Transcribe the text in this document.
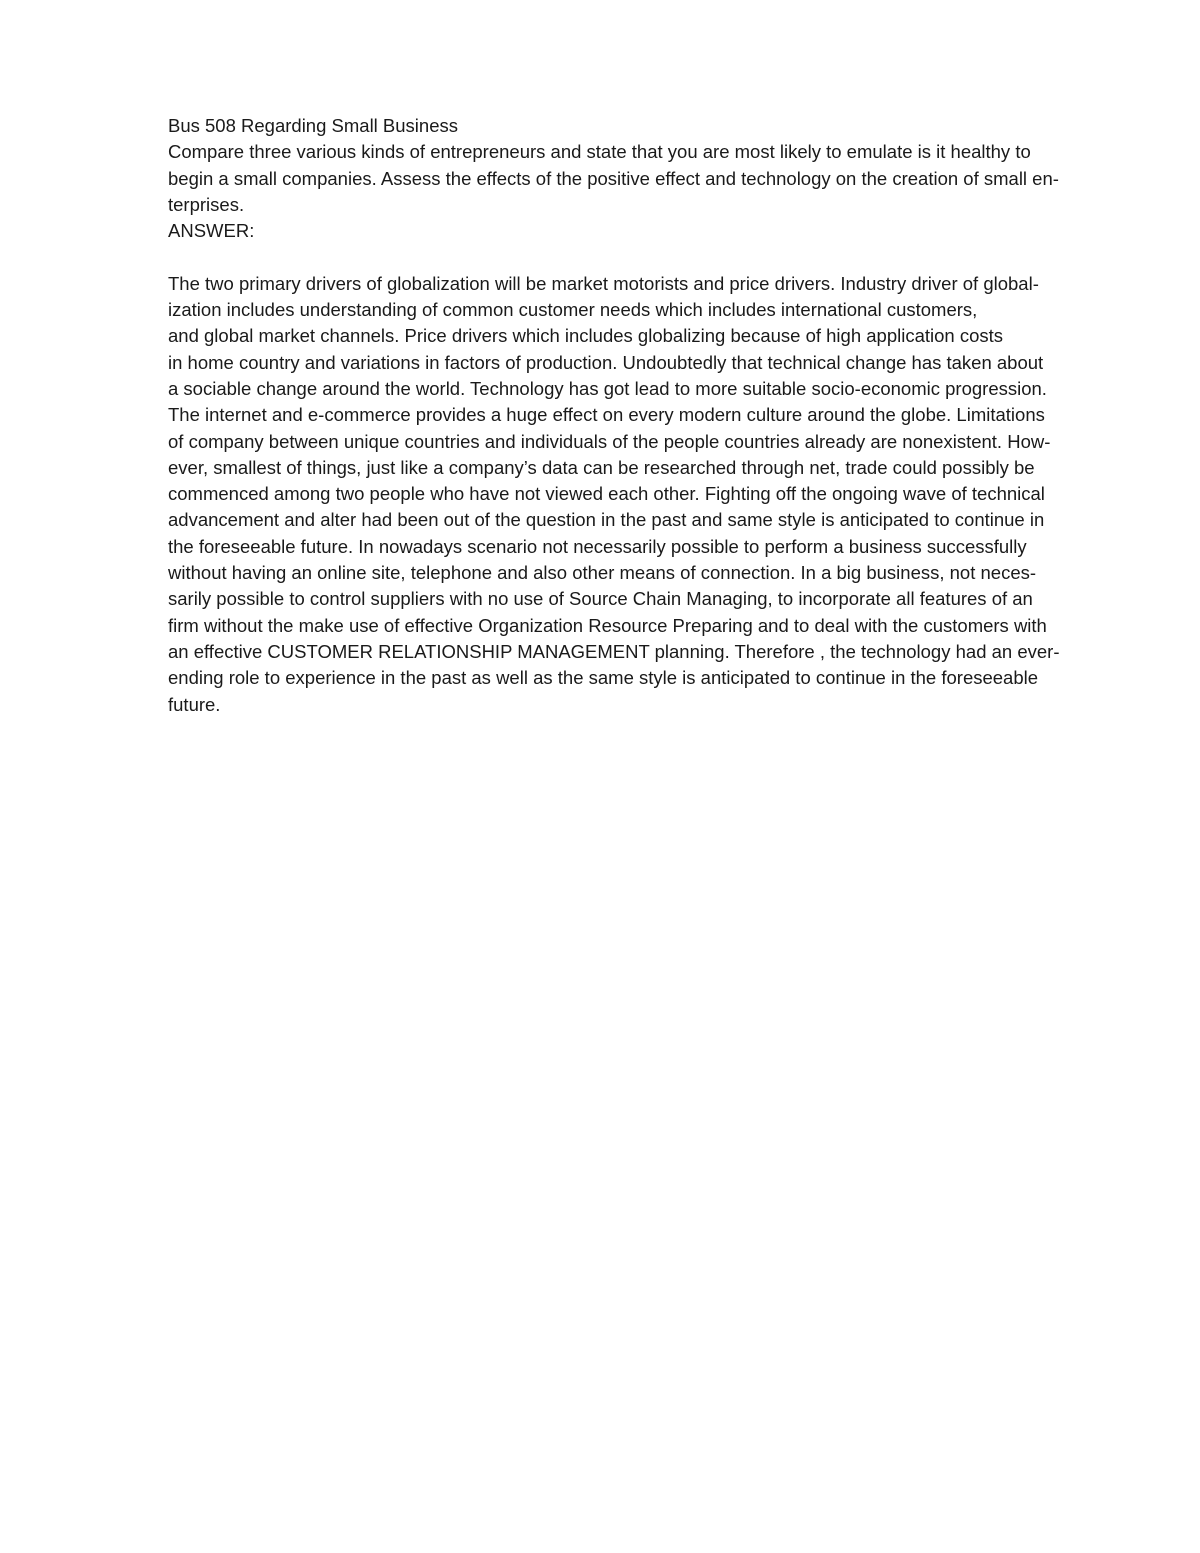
Bus 508 Regarding Small Business
Compare three various kinds of entrepreneurs and state that you are most likely to emulate is it healthy to
begin a small companies. Assess the effects of the positive effect and technology on the creation of small en-
terprises.
ANSWER:
The two primary drivers of globalization will be market motorists and price drivers. Industry driver of global-
ization includes understanding of common customer needs which includes international customers,
and global market channels. Price drivers which includes globalizing because of high application costs
in home country and variations in factors of production. Undoubtedly that technical change has taken about
a sociable change around the world. Technology has got lead to more suitable socio-economic progression.
The internet and e-commerce provides a huge effect on every modern culture around the globe. Limitations
of company between unique countries and individuals of the people countries already are nonexistent. How-
ever, smallest of things, just like a company’s data can be researched through net, trade could possibly be
commenced among two people who have not viewed each other. Fighting off the ongoing wave of technical
advancement and alter had been out of the question in the past and same style is anticipated to continue in
the foreseeable future. In nowadays scenario not necessarily possible to perform a business successfully
without having an online site, telephone and also other means of connection. In a big business, not neces-
sarily possible to control suppliers with no use of Source Chain Managing, to incorporate all features of an
firm without the make use of effective Organization Resource Preparing and to deal with the customers with
an effective CUSTOMER RELATIONSHIP MANAGEMENT planning. Therefore , the technology had an ever-
ending role to experience in the past as well as the same style is anticipated to continue in the foreseeable
future.
